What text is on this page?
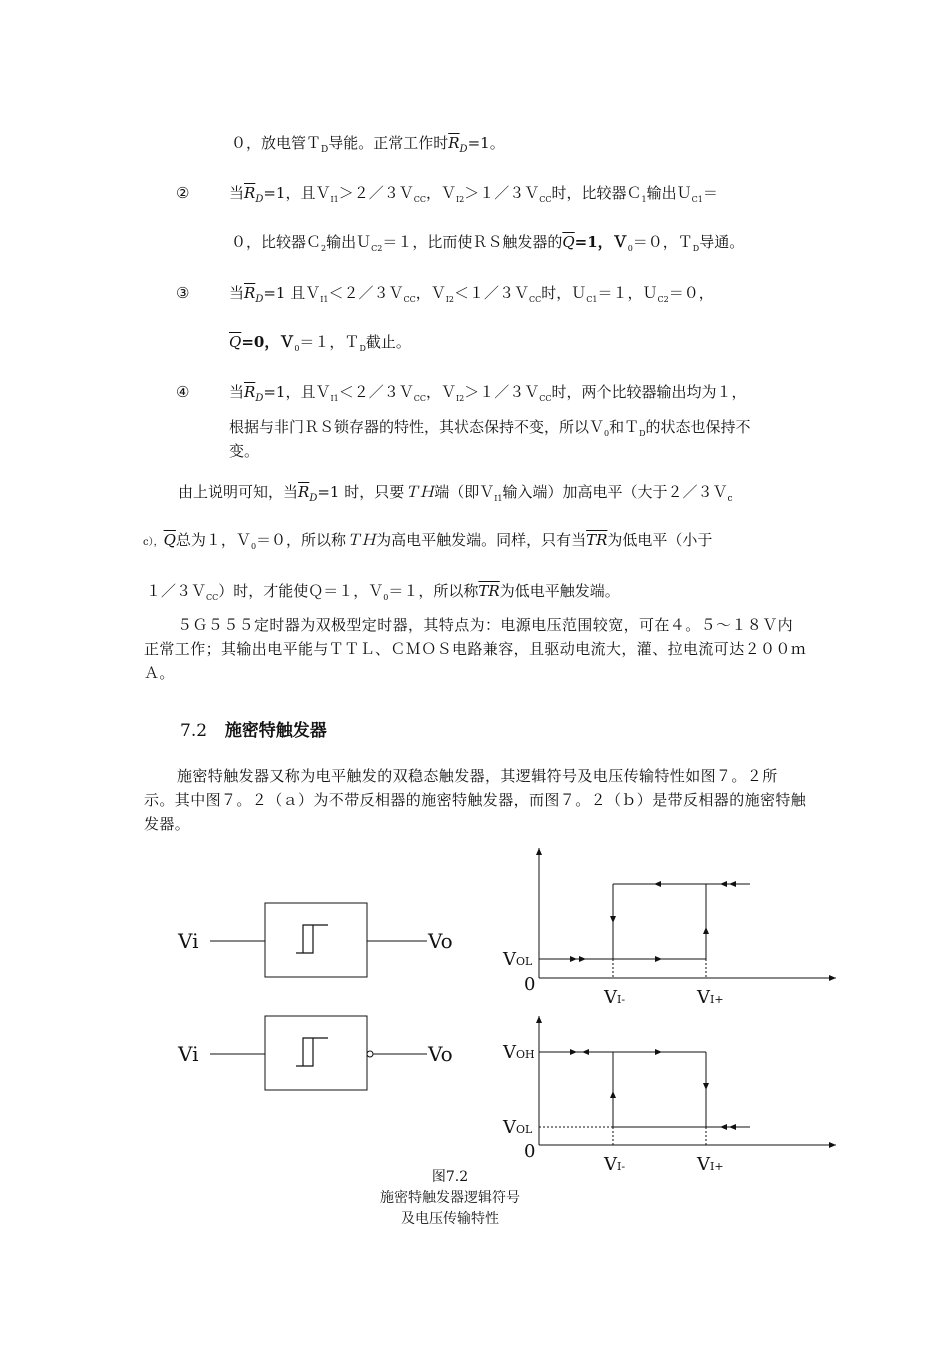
０，放电管Ｔ$_D$导能。正常工作时$\overline{R}_D=1$。
②	当$\overline{R}_D=1$，且Ｖ$_{I1}$＞２／３Ｖ$_{CC}$，Ｖ$_{I2}$＞１／３Ｖ$_{CC}$时，比较器Ｃ$_1$输出Ｕ$_{C1}$＝
０，比较器Ｃ$_2$输出Ｕ$_{C2}$＝１，比而使ＲＳ触发器的$\overline{Q}=1$，Ｖ$_0$＝０，Ｔ$_D$导通。
③	当$\overline{R}_D=1$ 且Ｖ$_{I1}$＜２／３Ｖ$_{CC}$，Ｖ$_{I2}$＜１／３Ｖ$_{CC}$时，Ｕ$_{C1}$＝１，Ｕ$_{C2}$＝０，
$\overline{Q}=0$，Ｖ$_0$＝１，Ｔ$_D$截止。
④	当$\overline{R}_D=1$，且Ｖ$_{I1}$＜２／３Ｖ$_{CC}$，Ｖ$_{I2}$＞１／３Ｖ$_{CC}$时，两个比较器输出均为１，
根据与非门ＲＳ锁存器的特性，其状态保持不变，所以Ｖ$_0$和Ｔ$_D$的状态也保持不
变。
由上说明可知，当$\overline{R}_D=1$ 时，只要ＴＨ端（即Ｖ$_{I1}$输入端）加高电平（大于２／３Ｖ$_c$
c），$\overline{Q}$总为１，Ｖ$_0$＝０，所以称ＴＨ为高电平触发端。同样，只有当$\overline{TR}$为低电平（小于
１／３Ｖ$_{CC}$）时，才能使Ｑ＝１，Ｖ$_0$＝１，所以称$\overline{TR}$为低电平触发端。
５Ｇ５５５定时器为双极型定时器，其特点为：电源电压范围较宽，可在４。５～１８Ｖ内正常工作；其输出电平能与ＴＴＬ、ＣＭＯＳ电路兼容，且驱动电流大，灌、拉电流可达２００ｍＡ。
7.2 施密特触发器
施密特触发器又称为电平触发的双稳态触发器，其逻辑符号及电压传输特性如图７。２所示。其中图７。２（ａ）为不带反相器的施密特触发器，而图７。２（ｂ）是带反相器的施密特触发器。
Vi	Vo
Vi	Vo
VOL
0
VI-	VI+
VOH
VOL
0
VI-	VI+
图7.2
施密特触发器逻辑符号
及电压传输特性
